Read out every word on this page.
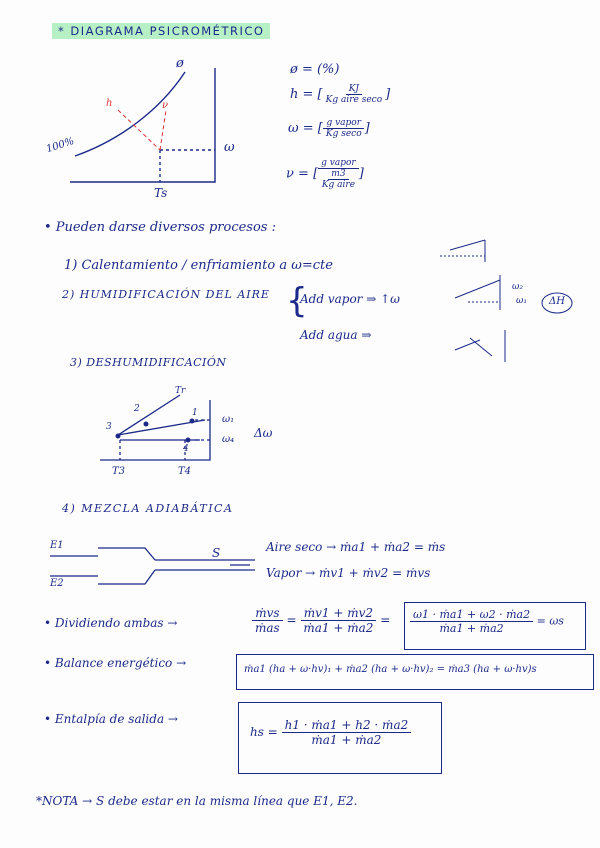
* DIAGRAMA PSICROMÉTRICO
ø
100%
h	ν
ω
Ts
ø = (%)
h = [ $\frac{KJ}{\text{Kg aire seco}}$ ]
ω = [ $\frac{\text{g vapor}}{\text{Kg seco}}$ ]
ν = [
g vapor
m3
Kg aire
]
• Pueden darse diversos procesos :
1) Calentamiento / enfriamiento a ω=cte
2) HUMIDIFICACIÓN DEL AIRE {
Add vapor ⇒ ↑ω
Add agua ⇒
ω₂
ω₁ ΔH
3) DESHUMIDIFICACIÓN
Tr
1
2
3
4
ω₁
ω₄ Δω
T3	T4
4) MEZCLA ADIABÁTICA
E1
E2
S	Aire seco → ṁa1 + ṁa2 = ṁs
Vapor → ṁv1 + ṁv2 = ṁvs
• Dividiendo ambas →	$\frac{\text{ṁvs}}{\text{ṁas}} = \frac{\text{ṁv1 + ṁv2}}{\text{ṁa1 + ṁa2}} = \frac{\text{ω1 · ṁa1 + ω2 · ṁa2}}{\text{ṁa1 + ṁa2}} = \omega s$
• Balance energético →	ṁa1 (ha + ω·hv)₁ + ṁa2 (ha + ω·hv)₂ = ṁa3 (ha + ω·hv)s
• Entalpía de salida →
hs = $\frac{\text{h1 · ṁa1 + h2 · ṁa2}}{\text{ṁa1 + ṁa2}}$
*NOTA → S debe estar en la misma línea que E1, E2.
